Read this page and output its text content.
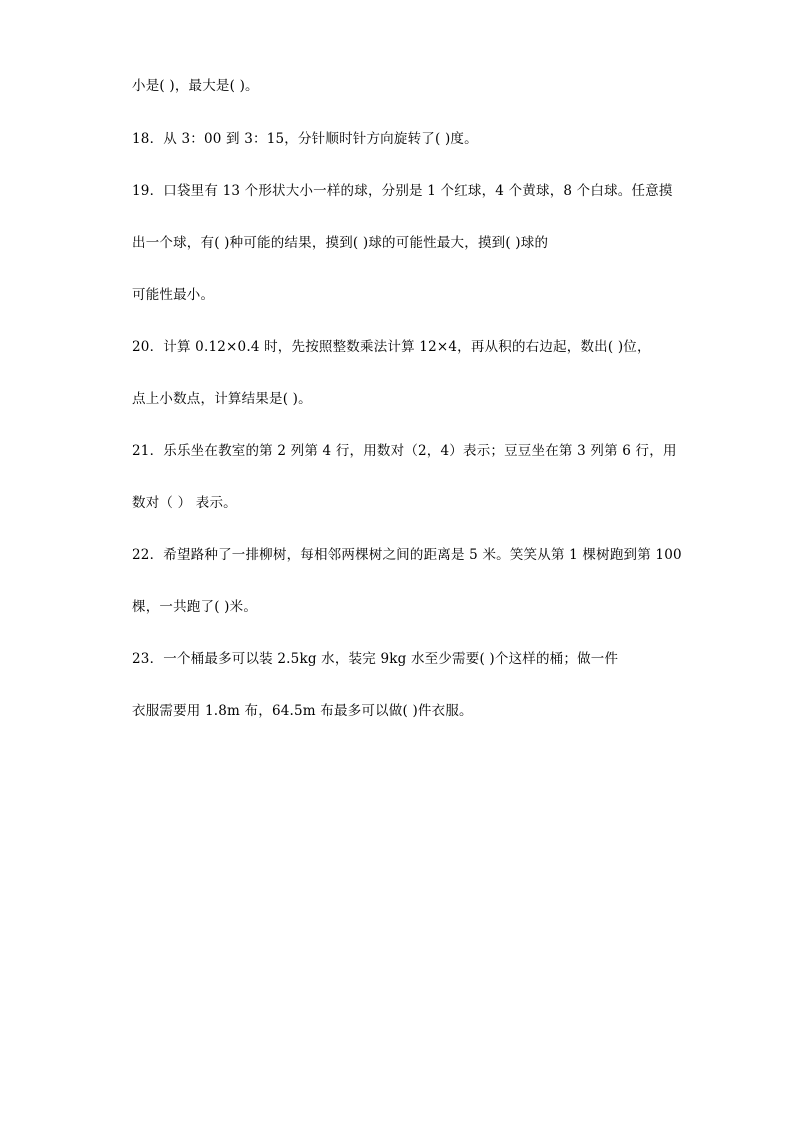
小是( )，最大是( )。
18．从 3：00 到 3：15，分针顺时针方向旋转了( )度。
19．口袋里有 13 个形状大小一样的球，分别是 1 个红球，4 个黄球，8 个白球。任意摸
出一个球，有( )种可能的结果，摸到( )球的可能性最大，摸到( )球的
可能性最小。
20．计算 0.12×0.4 时，先按照整数乘法计算 12×4，再从积的右边起，数出( )位，
点上小数点，计算结果是( )。
21．乐乐坐在教室的第 2 列第 4 行，用数对（2，4）表示；豆豆坐在第 3 列第 6 行，用
数对（ ） 表示。
22．希望路种了一排柳树，每相邻两棵树之间的距离是 5 米。笑笑从第 1 棵树跑到第 100
棵，一共跑了( )米。
23．一个桶最多可以装 2.5kg 水，装完 9kg 水至少需要( )个这样的桶；做一件
衣服需要用 1.8m 布，64.5m 布最多可以做( )件衣服。
